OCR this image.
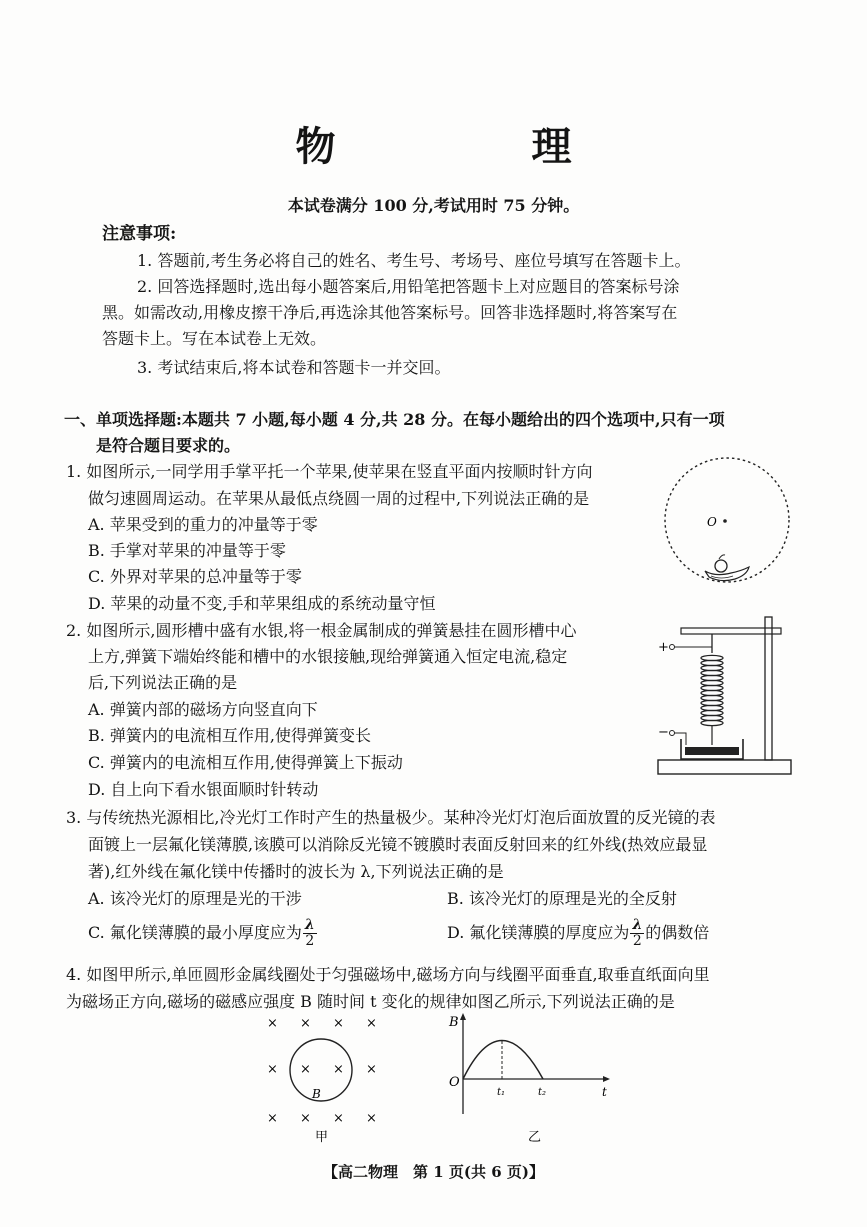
物　理
本试卷满分 100 分,考试用时 75 分钟。
注意事项:
1. 答题前,考生务必将自己的姓名、考生号、考场号、座位号填写在答题卡上。
2. 回答选择题时,选出每小题答案后,用铅笔把答题卡上对应题目的答案标号涂
黑。如需改动,用橡皮擦干净后,再选涂其他答案标号。回答非选择题时,将答案写在
答题卡上。写在本试卷上无效。
3. 考试结束后,将本试卷和答题卡一并交回。
一、单项选择题:本题共 7 小题,每小题 4 分,共 28 分。在每小题给出的四个选项中,只有一项
是符合题目要求的。
1. 如图所示,一同学用手掌平托一个苹果,使苹果在竖直平面内按顺时针方向
做匀速圆周运动。在苹果从最低点绕圆一周的过程中,下列说法正确的是
A. 苹果受到的重力的冲量等于零
B. 手掌对苹果的冲量等于零
C. 外界对苹果的总冲量等于零
D. 苹果的动量不变,手和苹果组成的系统动量守恒
O
2. 如图所示,圆形槽中盛有水银,将一根金属制成的弹簧悬挂在圆形槽中心
上方,弹簧下端始终能和槽中的水银接触,现给弹簧通入恒定电流,稳定
后,下列说法正确的是
A. 弹簧内部的磁场方向竖直向下
B. 弹簧内的电流相互作用,使得弹簧变长
C. 弹簧内的电流相互作用,使得弹簧上下振动
D. 自上向下看水银面顺时针转动
+
−
3. 与传统热光源相比,冷光灯工作时产生的热量极少。某种冷光灯灯泡后面放置的反光镜的表
面镀上一层氟化镁薄膜,该膜可以消除反光镜不镀膜时表面反射回来的红外线(热效应最显
著),红外线在氟化镁中传播时的波长为 λ,下列说法正确的是
A. 该冷光灯的原理是光的干涉	B. 该冷光灯的原理是光的全反射
C. 氟化镁薄膜的最小厚度应为 $\frac{\lambda}{2}$	D. 氟化镁薄膜的厚度应为 $\frac{\lambda}{2}$ 的偶数倍
4. 如图甲所示,单匝圆形金属线圈处于匀强磁场中,磁场方向与线圈平面垂直,取垂直纸面向里
为磁场正方向,磁场的磁感应强度 B 随时间 t 变化的规律如图乙所示,下列说法正确的是
× × × ×
× × × ×
× × × ×
B
甲
B
t
O
t₁	t₂
乙
【高二物理　第 1 页(共 6 页)】
